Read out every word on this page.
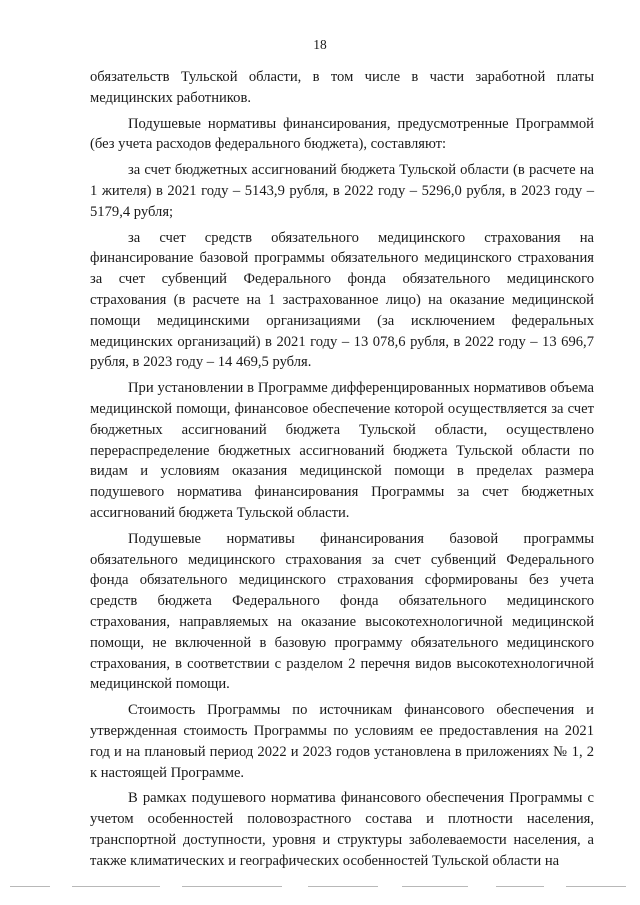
18

обязательств Тульской области, в том числе в части заработной платы медицинских работников.

Подушевые нормативы финансирования, предусмотренные Программой (без учета расходов федерального бюджета), составляют:

за счет бюджетных ассигнований бюджета Тульской области (в расчете на 1 жителя) в 2021 году – 5143,9 рубля, в 2022 году – 5296,0 рубля, в 2023 году – 5179,4 рубля;

за счет средств обязательного медицинского страхования на финансирование базовой программы обязательного медицинского страхования за счет субвенций Федерального фонда обязательного медицинского страхования (в расчете на 1 застрахованное лицо) на оказание медицинской помощи медицинскими организациями (за исключением федеральных медицинских организаций) в 2021 году – 13 078,6 рубля, в 2022 году – 13 696,7 рубля, в 2023 году – 14 469,5 рубля.

При установлении в Программе дифференцированных нормативов объема медицинской помощи, финансовое обеспечение которой осуществляется за счет бюджетных ассигнований бюджета Тульской области, осуществлено перераспределение бюджетных ассигнований бюджета Тульской области по видам и условиям оказания медицинской помощи в пределах размера подушевого норматива финансирования Программы за счет бюджетных ассигнований бюджета Тульской области.

Подушевые нормативы финансирования базовой программы обязательного медицинского страхования за счет субвенций Федерального фонда обязательного медицинского страхования сформированы без учета средств бюджета Федерального фонда обязательного медицинского страхования, направляемых на оказание высокотехнологичной медицинской помощи, не включенной в базовую программу обязательного медицинского страхования, в соответствии с разделом 2 перечня видов высокотехнологичной медицинской помощи.

Стоимость Программы по источникам финансового обеспечения и утвержденная стоимость Программы по условиям ее предоставления на 2021 год и на плановый период 2022 и 2023 годов установлена в приложениях № 1, 2 к настоящей Программе.

В рамках подушевого норматива финансового обеспечения Программы с учетом особенностей половозрастного состава и плотности населения, транспортной доступности, уровня и структуры заболеваемости населения, а также климатических и географических особенностей Тульской области на
